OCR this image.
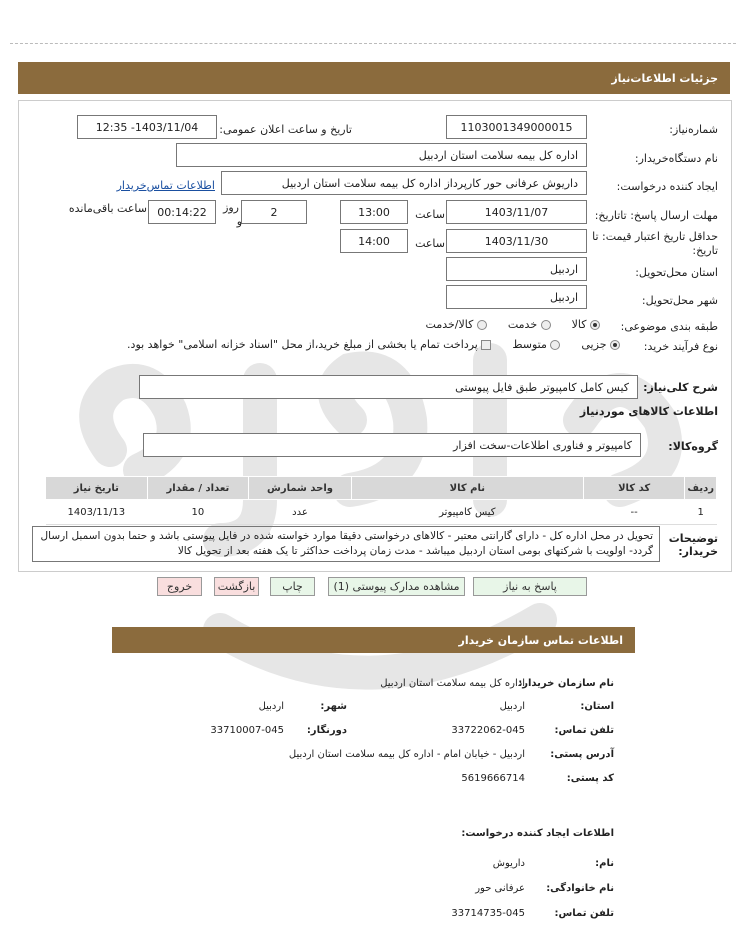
جزئیات اطلاعات‌نیاز
شماره‌نیاز:
1103001349000015
تاریخ و ساعت اعلان عمومی:
1403/11/04- 12:35
نام دستگاه‌خریدار:
اداره کل بیمه سلامت استان اردبیل
ایجاد کننده درخواست:
داریوش عرفانی حور کارپرداز اداره کل بیمه سلامت استان اردبیل
اطلاعات تماس‌خریدار
مهلت ارسال پاسخ: تاتاریخ:
1403/11/07
ساعت
13:00
2
روز
و
00:14:22
ساعت باقی‌مانده
حداقل تاریخ اعتبار قیمت: تا تاریخ:
1403/11/30
ساعت
14:00
استان محل‌تحویل:
اردبیل
شهر محل‌تحویل:
اردبیل
طبقه بندی موضوعی:
کالا       خدمت       کالا/خدمت
نوع فرآیند خرید:
جزیی       متوسط       پرداخت تمام یا بخشی از مبلغ خرید،از محل "اسناد خزانه اسلامی" خواهد بود.
شرح کلی‌نیاز:
کیس کامل کامپیوتر طبق فایل پیوستی
اطلاعات کالاهای موردنیاز
گروه‌کالا:
کامپیوتر و فناوری اطلاعات-سخت افزار
ردیف	کد کالا	نام کالا	واحد شمارش	تعداد / مقدار	تاریخ نیاز
1	--	کیس کامپیوتر	عدد	10	1403/11/13
توضیحات خریدار:
تحویل در محل اداره کل - دارای گارانتی معتبر - کالاهای درخواستی دقیقا موارد خواسته شده در فایل پیوستی باشد و حتما بدون اسمبل ارسال گردد- اولویت با شرکتهای بومی استان اردبیل میباشد - مدت زمان پرداخت حداکثر تا یک هفته بعد از تحویل کالا
پاسخ به نیاز
مشاهده مدارک پیوستی (1)
چاپ
بازگشت
خروج
اطلاعات تماس سازمان خریدار
نام سازمان خریدار:
اداره کل بیمه سلامت استان اردبیل
استان:
اردبیل
شهر:
اردبیل
تلفن تماس:
33722062-045
دورنگار:
33710007-045
آدرس پستی:
اردبیل - خیابان امام - اداره کل بیمه سلامت استان اردبیل
کد پستی:
5619666714
اطلاعات ایجاد کننده درخواست:
نام:
داریوش
نام خانوادگی:
عرفانی حور
تلفن تماس:
33714735-045
